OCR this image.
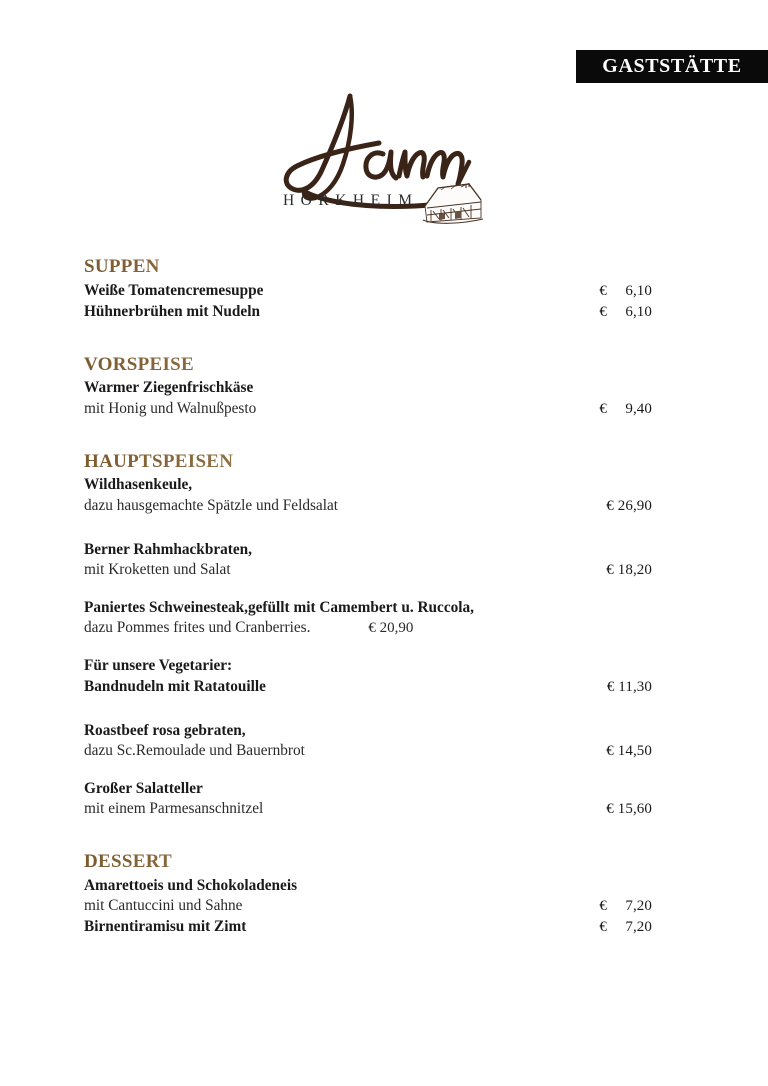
GASTSTÄTTE
HORKHEIM
SUPPEN
Weiße Tomatencremesuppe	€ 6,10
Hühnerbrühen mit Nudeln	€ 6,10
VORSPEISE
Warmer Ziegenfrischkäse
mit Honig und Walnußpesto	€ 9,40
HAUPTSPEISEN
Wildhasenkeule,
dazu hausgemachte Spätzle und Feldsalat	€ 26,90
Berner Rahmhackbraten,
mit Kroketten und Salat	€ 18,20
Paniertes Schweinesteak,gefüllt mit Camembert u. Ruccola,
dazu Pommes frites und Cranberries.	€ 20,90
Für unsere Vegetarier:
Bandnudeln mit Ratatouille	€ 11,30
Roastbeef rosa gebraten,
dazu Sc.Remoulade und Bauernbrot	€ 14,50
Großer Salatteller
mit einem Parmesanschnitzel	€ 15,60
DESSERT
Amarettoeis und Schokoladeneis
mit Cantuccini und Sahne	€ 7,20
Birnentiramisu mit Zimt	€ 7,20
